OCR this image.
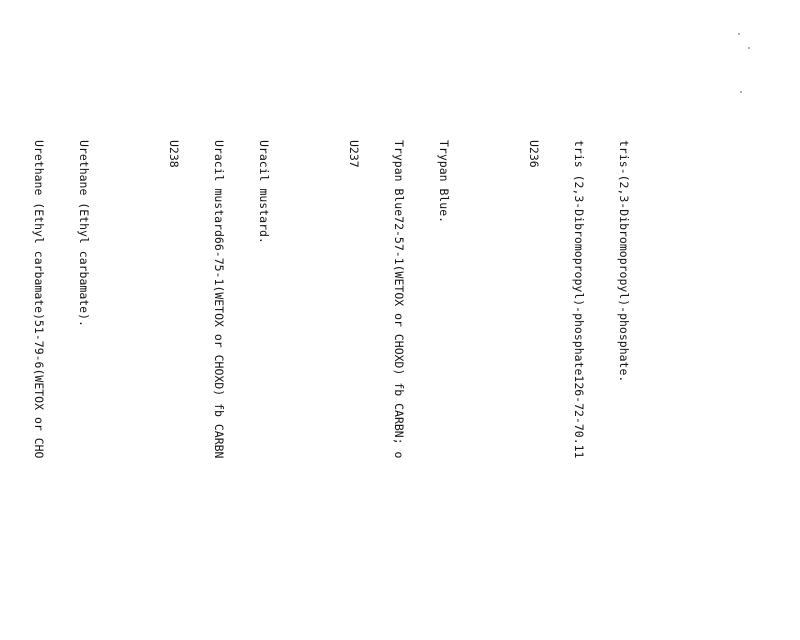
tris-(2,3-Dibromopropyl)-phosphate.

tris (2,3-Dibromopropyl)-phosphate126-72-70.11

U236

Trypan Blue.

Trypan Blue72-57-1(WETOX or CHOXD) fb CARBN; o

U237

Uracil mustard.

Uracil mustard66-75-1(WETOX or CHOXD) fb CARBN

U238

Urethane (Ethyl carbamate).

Urethane (Ethyl carbamate)51-79-6(WETOX or CHO
